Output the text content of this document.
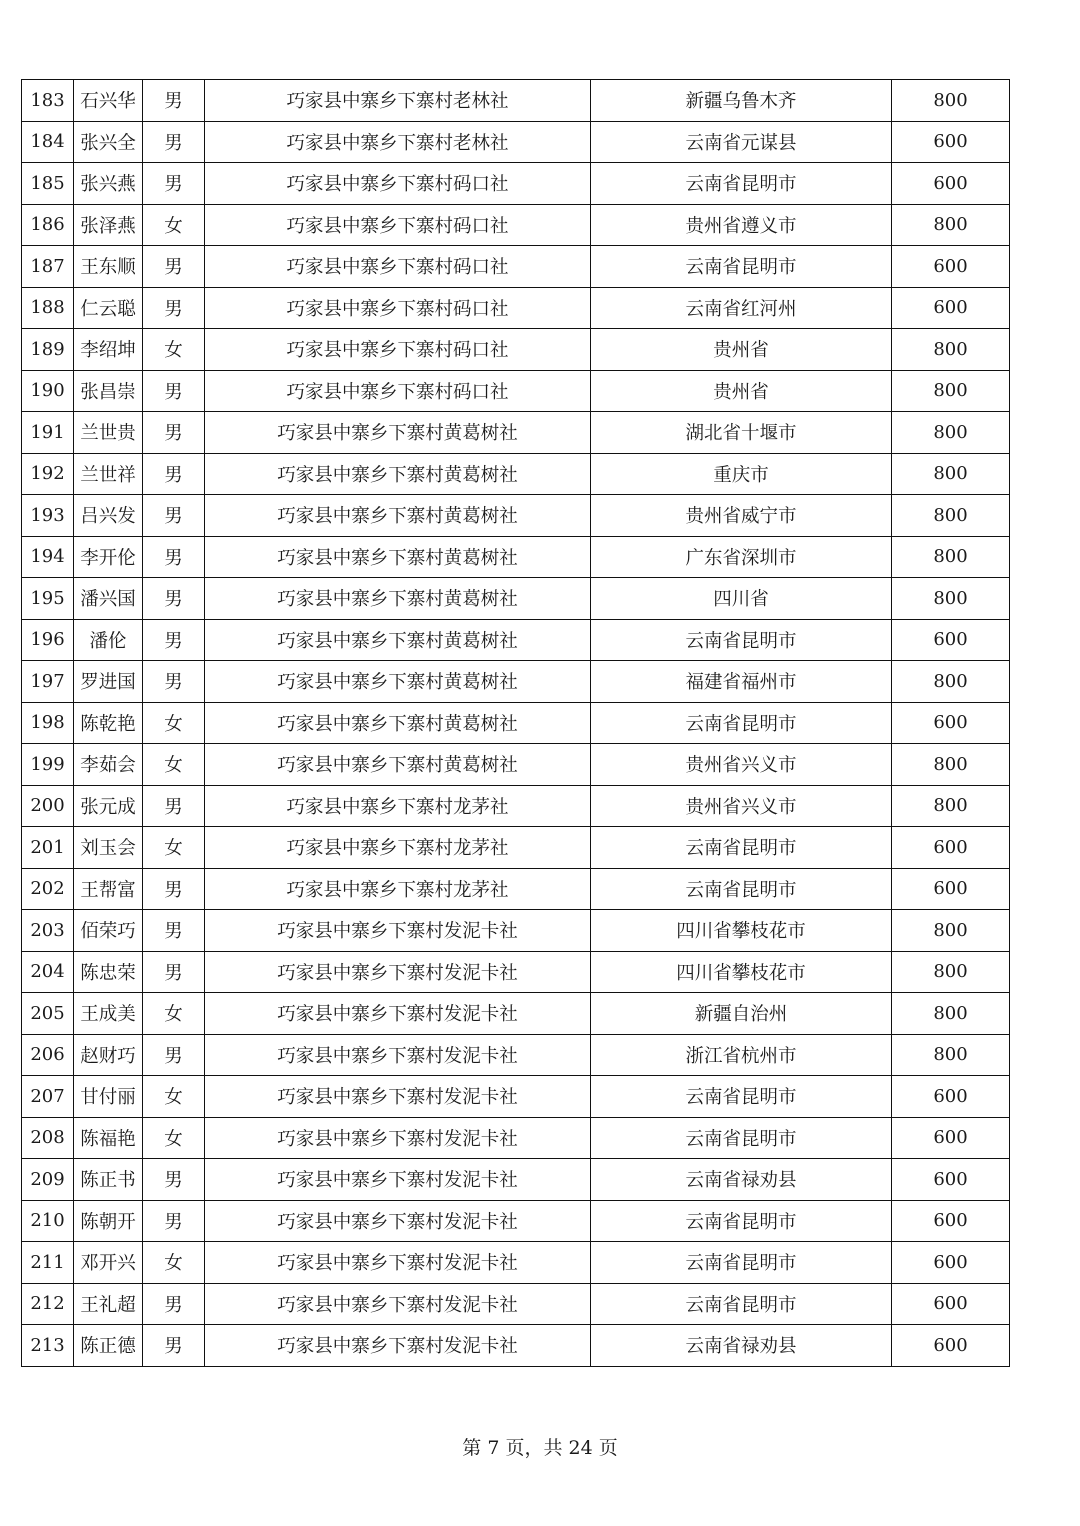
183	石兴华	男	巧家县中寨乡下寨村老林社	新疆乌鲁木齐	800
184	张兴全	男	巧家县中寨乡下寨村老林社	云南省元谋县	600
185	张兴燕	男	巧家县中寨乡下寨村码口社	云南省昆明市	600
186	张泽燕	女	巧家县中寨乡下寨村码口社	贵州省遵义市	800
187	王东顺	男	巧家县中寨乡下寨村码口社	云南省昆明市	600
188	仁云聪	男	巧家县中寨乡下寨村码口社	云南省红河州	600
189	李绍坤	女	巧家县中寨乡下寨村码口社	贵州省	800
190	张昌崇	男	巧家县中寨乡下寨村码口社	贵州省	800
191	兰世贵	男	巧家县中寨乡下寨村黄葛树社	湖北省十堰市	800
192	兰世祥	男	巧家县中寨乡下寨村黄葛树社	重庆市	800
193	吕兴发	男	巧家县中寨乡下寨村黄葛树社	贵州省威宁市	800
194	李开伦	男	巧家县中寨乡下寨村黄葛树社	广东省深圳市	800
195	潘兴国	男	巧家县中寨乡下寨村黄葛树社	四川省	800
196	潘伦	男	巧家县中寨乡下寨村黄葛树社	云南省昆明市	600
197	罗进国	男	巧家县中寨乡下寨村黄葛树社	福建省福州市	800
198	陈乾艳	女	巧家县中寨乡下寨村黄葛树社	云南省昆明市	600
199	李茹会	女	巧家县中寨乡下寨村黄葛树社	贵州省兴义市	800
200	张元成	男	巧家县中寨乡下寨村龙茅社	贵州省兴义市	800
201	刘玉会	女	巧家县中寨乡下寨村龙茅社	云南省昆明市	600
202	王帮富	男	巧家县中寨乡下寨村龙茅社	云南省昆明市	600
203	佰荣巧	男	巧家县中寨乡下寨村发泥卡社	四川省攀枝花市	800
204	陈忠荣	男	巧家县中寨乡下寨村发泥卡社	四川省攀枝花市	800
205	王成美	女	巧家县中寨乡下寨村发泥卡社	新疆自治州	800
206	赵财巧	男	巧家县中寨乡下寨村发泥卡社	浙江省杭州市	800
207	甘付丽	女	巧家县中寨乡下寨村发泥卡社	云南省昆明市	600
208	陈福艳	女	巧家县中寨乡下寨村发泥卡社	云南省昆明市	600
209	陈正书	男	巧家县中寨乡下寨村发泥卡社	云南省禄劝县	600
210	陈朝开	男	巧家县中寨乡下寨村发泥卡社	云南省昆明市	600
211	邓开兴	女	巧家县中寨乡下寨村发泥卡社	云南省昆明市	600
212	王礼超	男	巧家县中寨乡下寨村发泥卡社	云南省昆明市	600
213	陈正德	男	巧家县中寨乡下寨村发泥卡社	云南省禄劝县	600
第 7 页，共 24 页
